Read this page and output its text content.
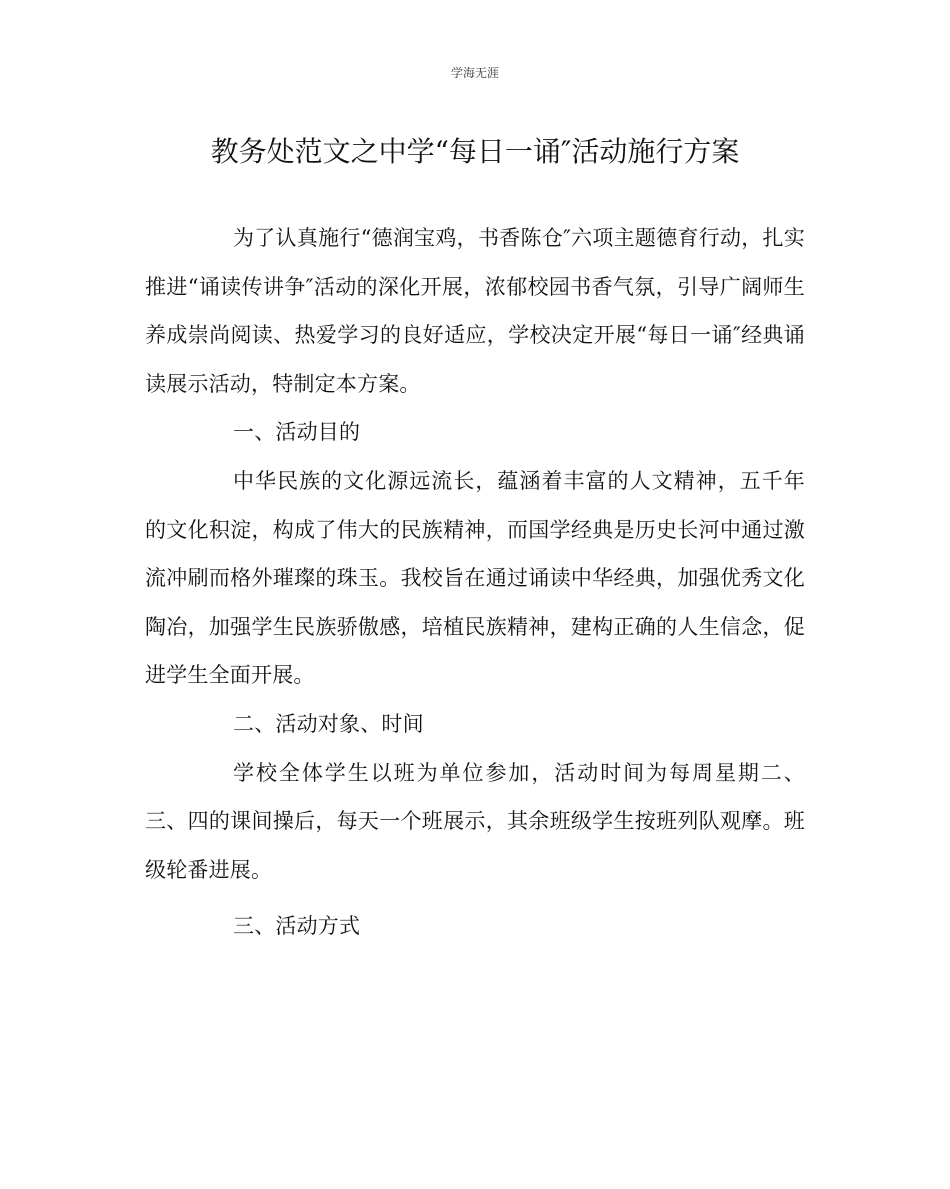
学海无涯
教务处范文之中学“每日一诵″活动施行方案

为了认真施行“德润宝鸡，书香陈仓″六项主题德育行动，扎实推进“诵读传讲争″活动的深化开展，浓郁校园书香气氛，引导广阔师生养成崇尚阅读、热爱学习的良好适应，学校决定开展“每日一诵″经典诵读展示活动，特制定本方案。

一、活动目的

中华民族的文化源远流长，蕴涵着丰富的人文精神，五千年的文化积淀，构成了伟大的民族精神，而国学经典是历史长河中通过激流冲刷而格外璀璨的珠玉。我校旨在通过诵读中华经典，加强优秀文化陶冶，加强学生民族骄傲感，培植民族精神，建构正确的人生信念，促进学生全面开展。

二、活动对象、时间

学校全体学生以班为单位参加，活动时间为每周星期二、三、四的课间操后，每天一个班展示，其余班级学生按班列队观摩。班级轮番进展。

三、活动方式
